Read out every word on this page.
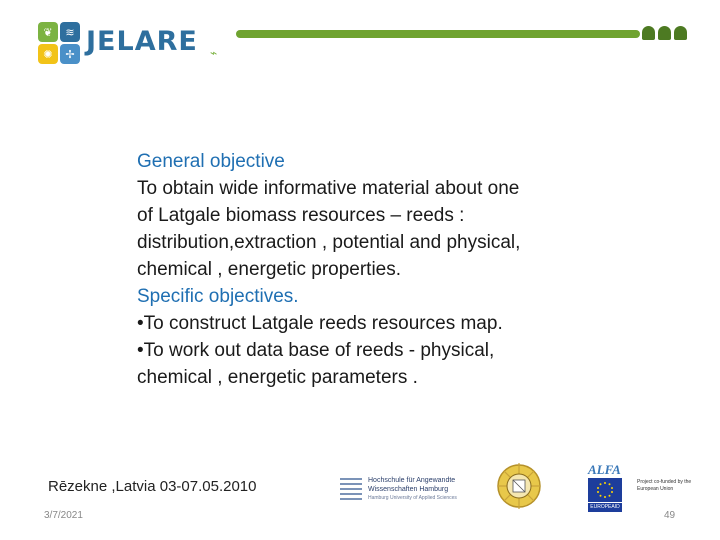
❦	≋
✺	✢ JELARE ⌁

General objective

To obtain wide informative material about one

of Latgale biomass resources – reeds :

distribution,extraction , potential and physical,

chemical , energetic properties.

Specific objectives.

•To construct Latgale reeds resources map.

•To work out data base of reeds - physical,

chemical , energetic parameters .

Rēzekne ,Latvia 03-07.05.2010	Hochschule für Angewandte
Wissenschaften Hamburg
Hamburg University of Applied Sciences
ALFA
EUROPEAID
Project co-funded by the European Union
3/7/2021	49
